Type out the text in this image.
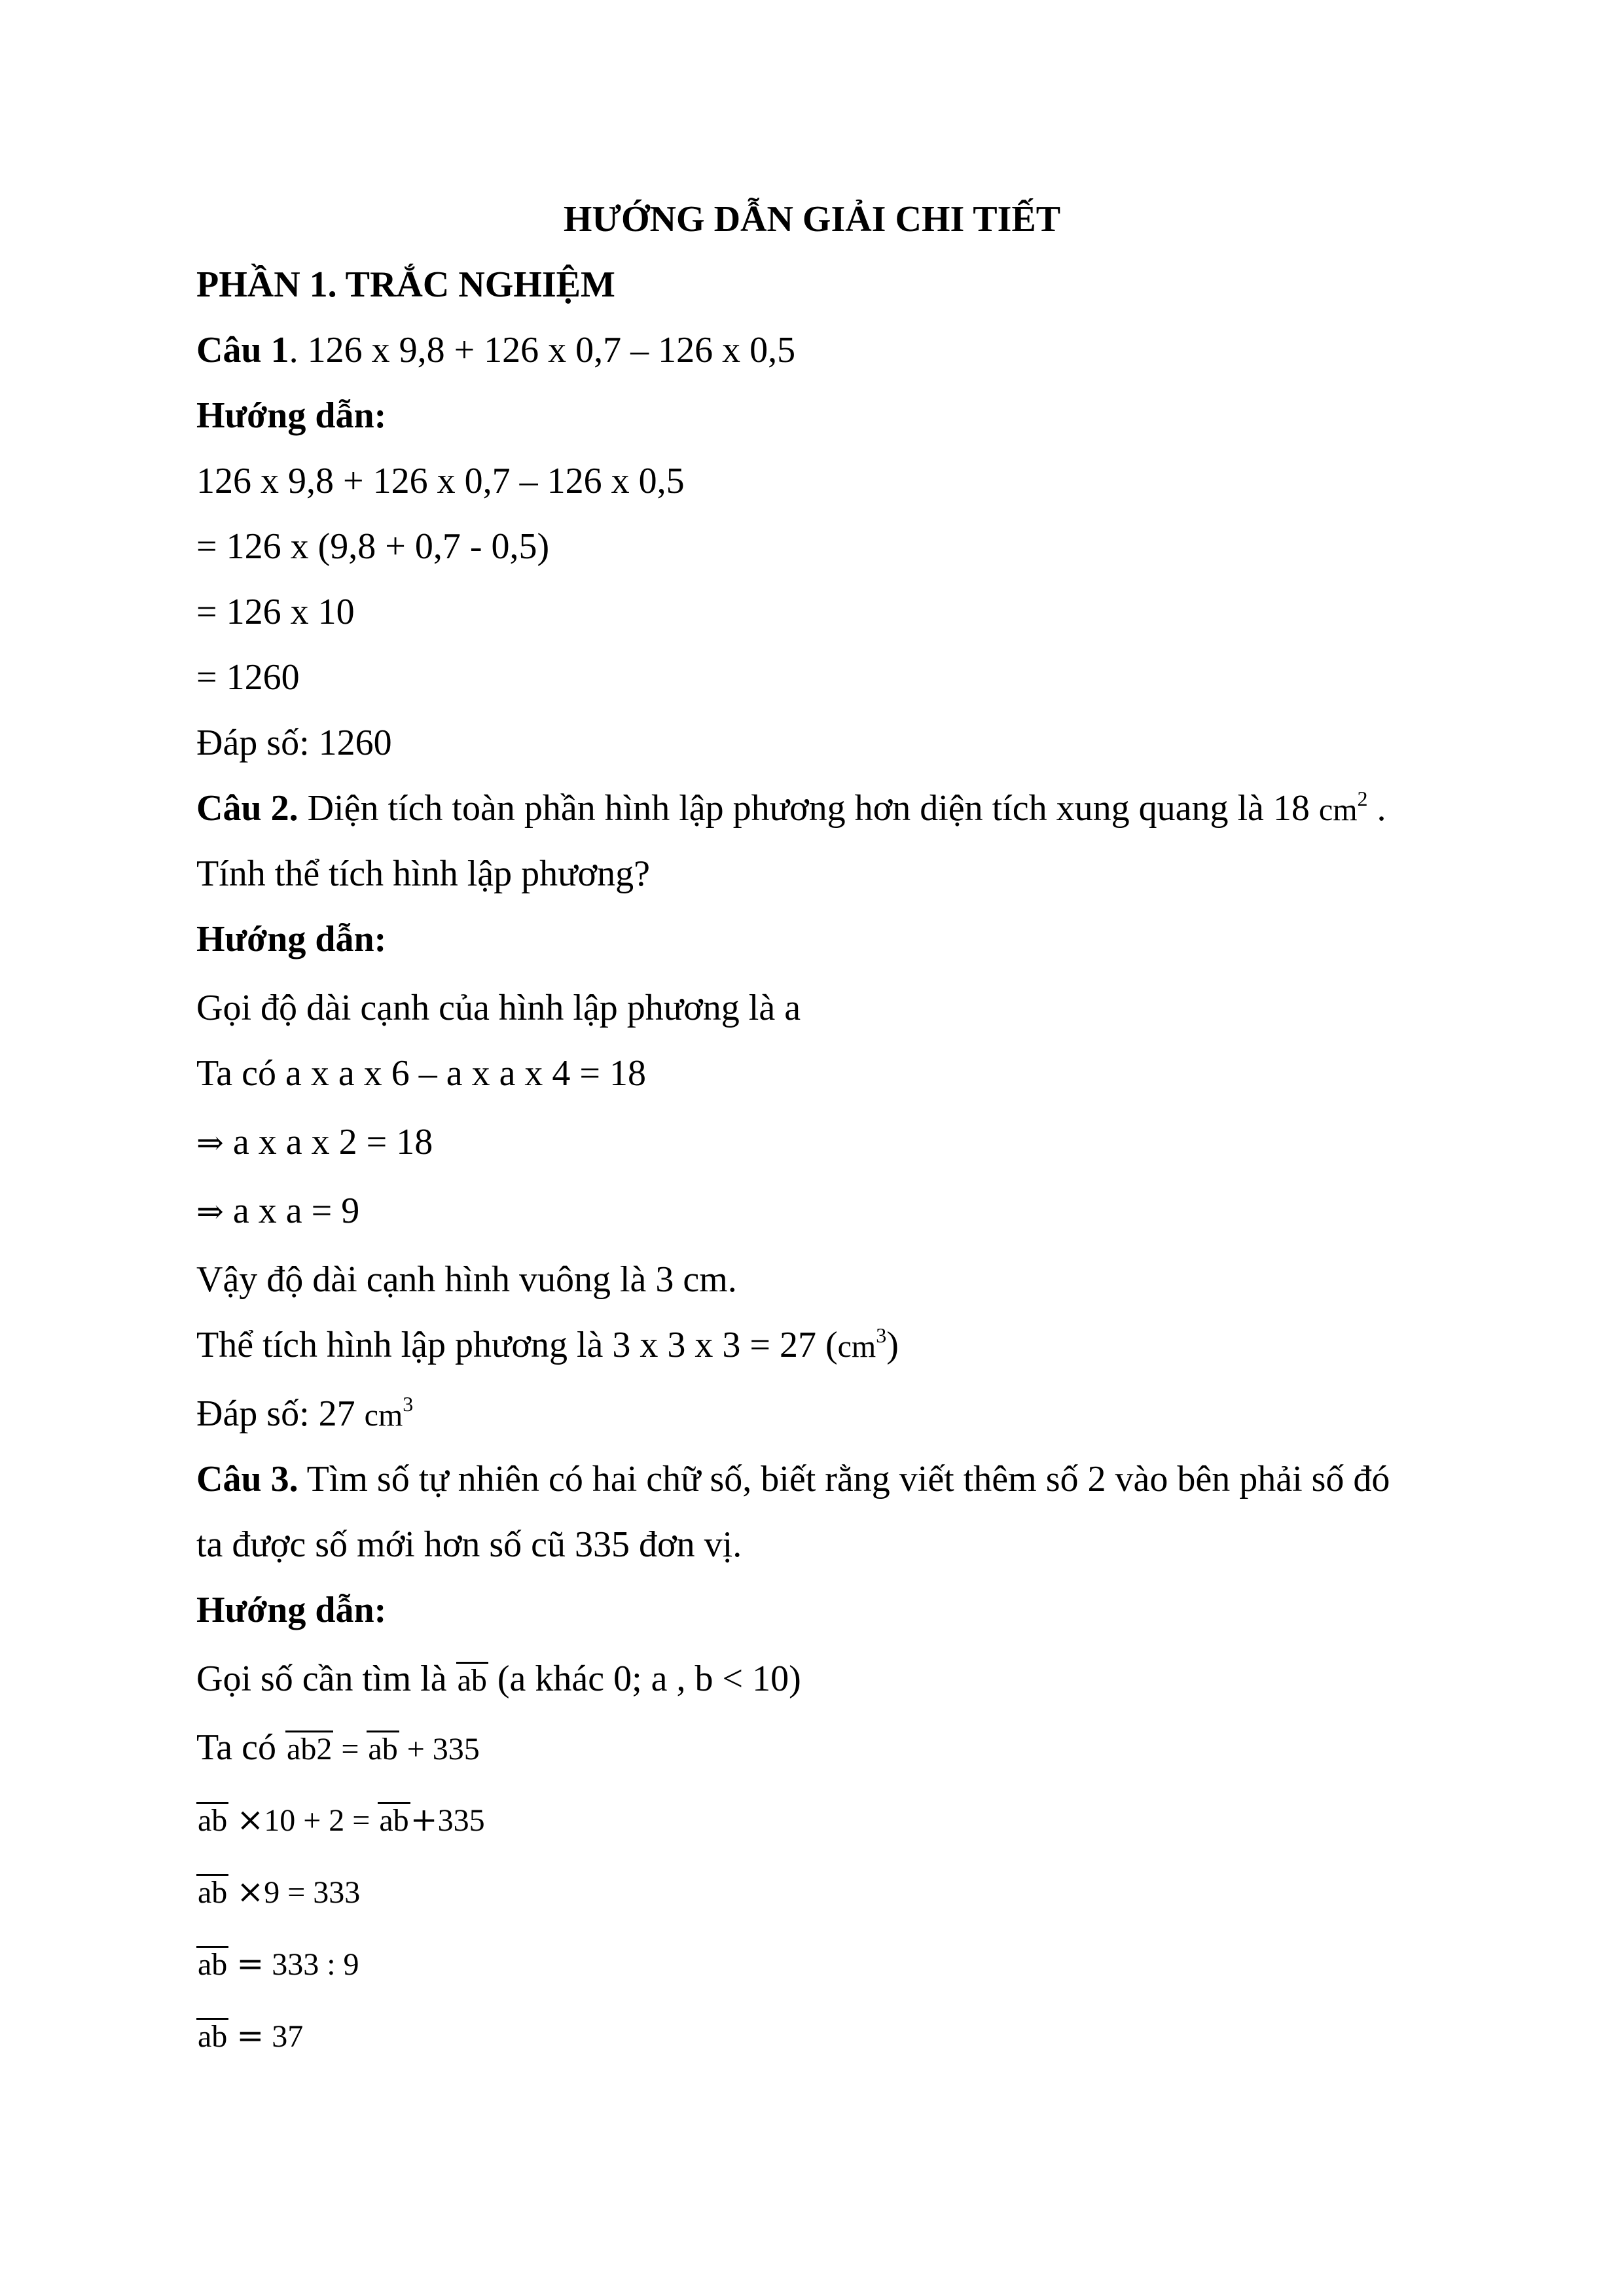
HƯỚNG DẪN GIẢI CHI TIẾT
PHẦN 1. TRẮC NGHIỆM
Câu 1. 126 x 9,8 + 126 x 0,7 – 126 x 0,5
Hướng dẫn:
126 x 9,8 + 126 x 0,7 – 126 x 0,5
= 126 x (9,8 + 0,7 - 0,5)
= 126 x 10
= 1260
Đáp số: 1260
Câu 2. Diện tích toàn phần hình lập phương hơn diện tích xung quang là 18 $cm^2$ .
Tính thể tích hình lập phương?
Hướng dẫn:
Gọi độ dài cạnh của hình lập phương là a
Ta có a x a x 6 – a x a x 4 = 18
⇒ a x a x 2 = 18
⇒ a x a = 9
Vậy độ dài cạnh hình vuông là 3 cm.
Thể tích hình lập phương là 3 x 3 x 3 = 27 $(cm^3)$
Đáp số: 27 $cm^3$
Câu 3. Tìm số tự nhiên có hai chữ số, biết rằng viết thêm số 2 vào bên phải số đó
ta được số mới hơn số cũ 335 đơn vị.
Hướng dẫn:
Gọi số cần tìm là ab (a khác 0; a , b < 10)
Ta có ab2 = ab + 335
ab ×10 + 2 = ab+335
ab ×9 = 333
ab = 333 : 9
ab = 37
